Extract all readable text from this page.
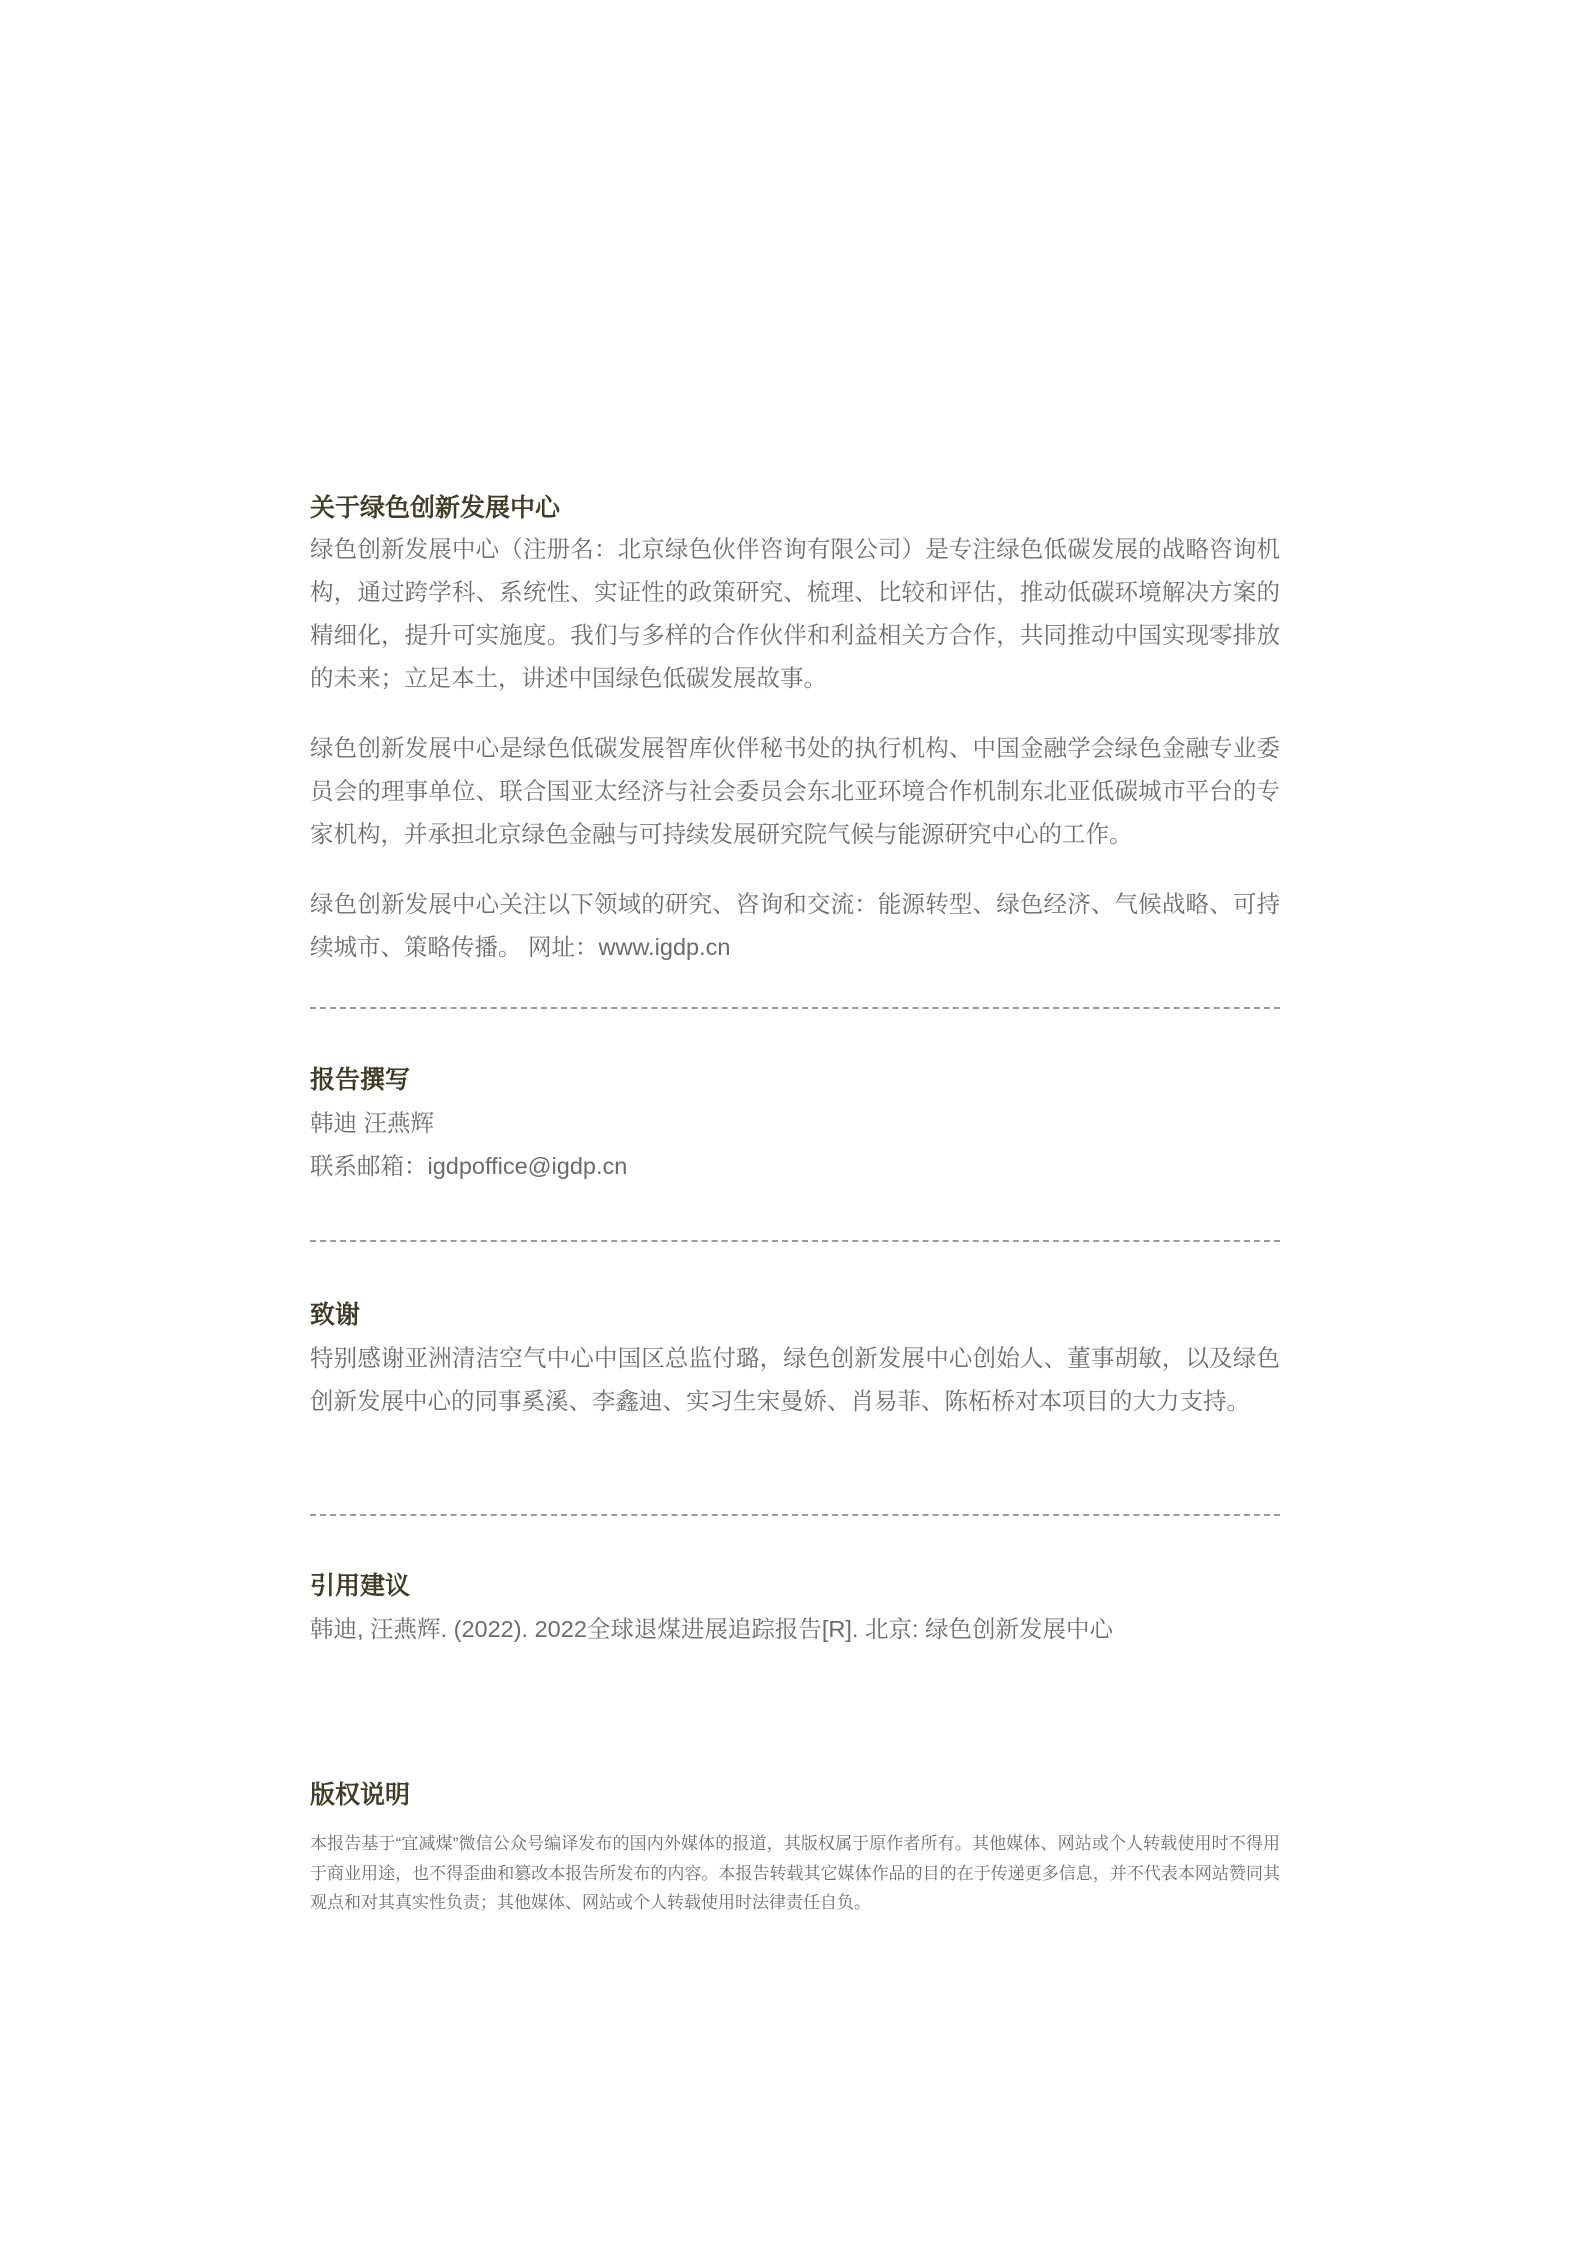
关于绿色创新发展中心

绿色创新发展中心（注册名：北京绿色伙伴咨询有限公司）是专注绿色低碳发展的战略咨询机构，通过跨学科、系统性、实证性的政策研究、梳理、比较和评估，推动低碳环境解决方案的精细化，提升可实施度。我们与多样的合作伙伴和利益相关方合作，共同推动中国实现零排放的未来；立足本土，讲述中国绿色低碳发展故事。

绿色创新发展中心是绿色低碳发展智库伙伴秘书处的执行机构、中国金融学会绿色金融专业委员会的理事单位、联合国亚太经济与社会委员会东北亚环境合作机制东北亚低碳城市平台的专家机构，并承担北京绿色金融与可持续发展研究院气候与能源研究中心的工作。

绿色创新发展中心关注以下领域的研究、咨询和交流：能源转型、绿色经济、气候战略、可持续城市、策略传播。 网址：www.igdp.cn

报告撰写

韩迪 汪燕辉

联系邮箱：igdpoffice@igdp.cn

致谢

特别感谢亚洲清洁空气中心中国区总监付璐，绿色创新发展中心创始人、董事胡敏，以及绿色创新发展中心的同事奚溪、李鑫迪、实习生宋曼娇、肖易菲、陈柘桥对本项目的大力支持。

引用建议

韩迪, 汪燕辉. (2022). 2022全球退煤进展追踪报告[R]. 北京: 绿色创新发展中心

版权说明

本报告基于“宜减煤”微信公众号编译发布的国内外媒体的报道，其版权属于原作者所有。其他媒体、网站或个人转载使用时不得用于商业用途，也不得歪曲和篡改本报告所发布的内容。本报告转载其它媒体作品的目的在于传递更多信息，并不代表本网站赞同其观点和对其真实性负责；其他媒体、网站或个人转载使用时法律责任自负。
